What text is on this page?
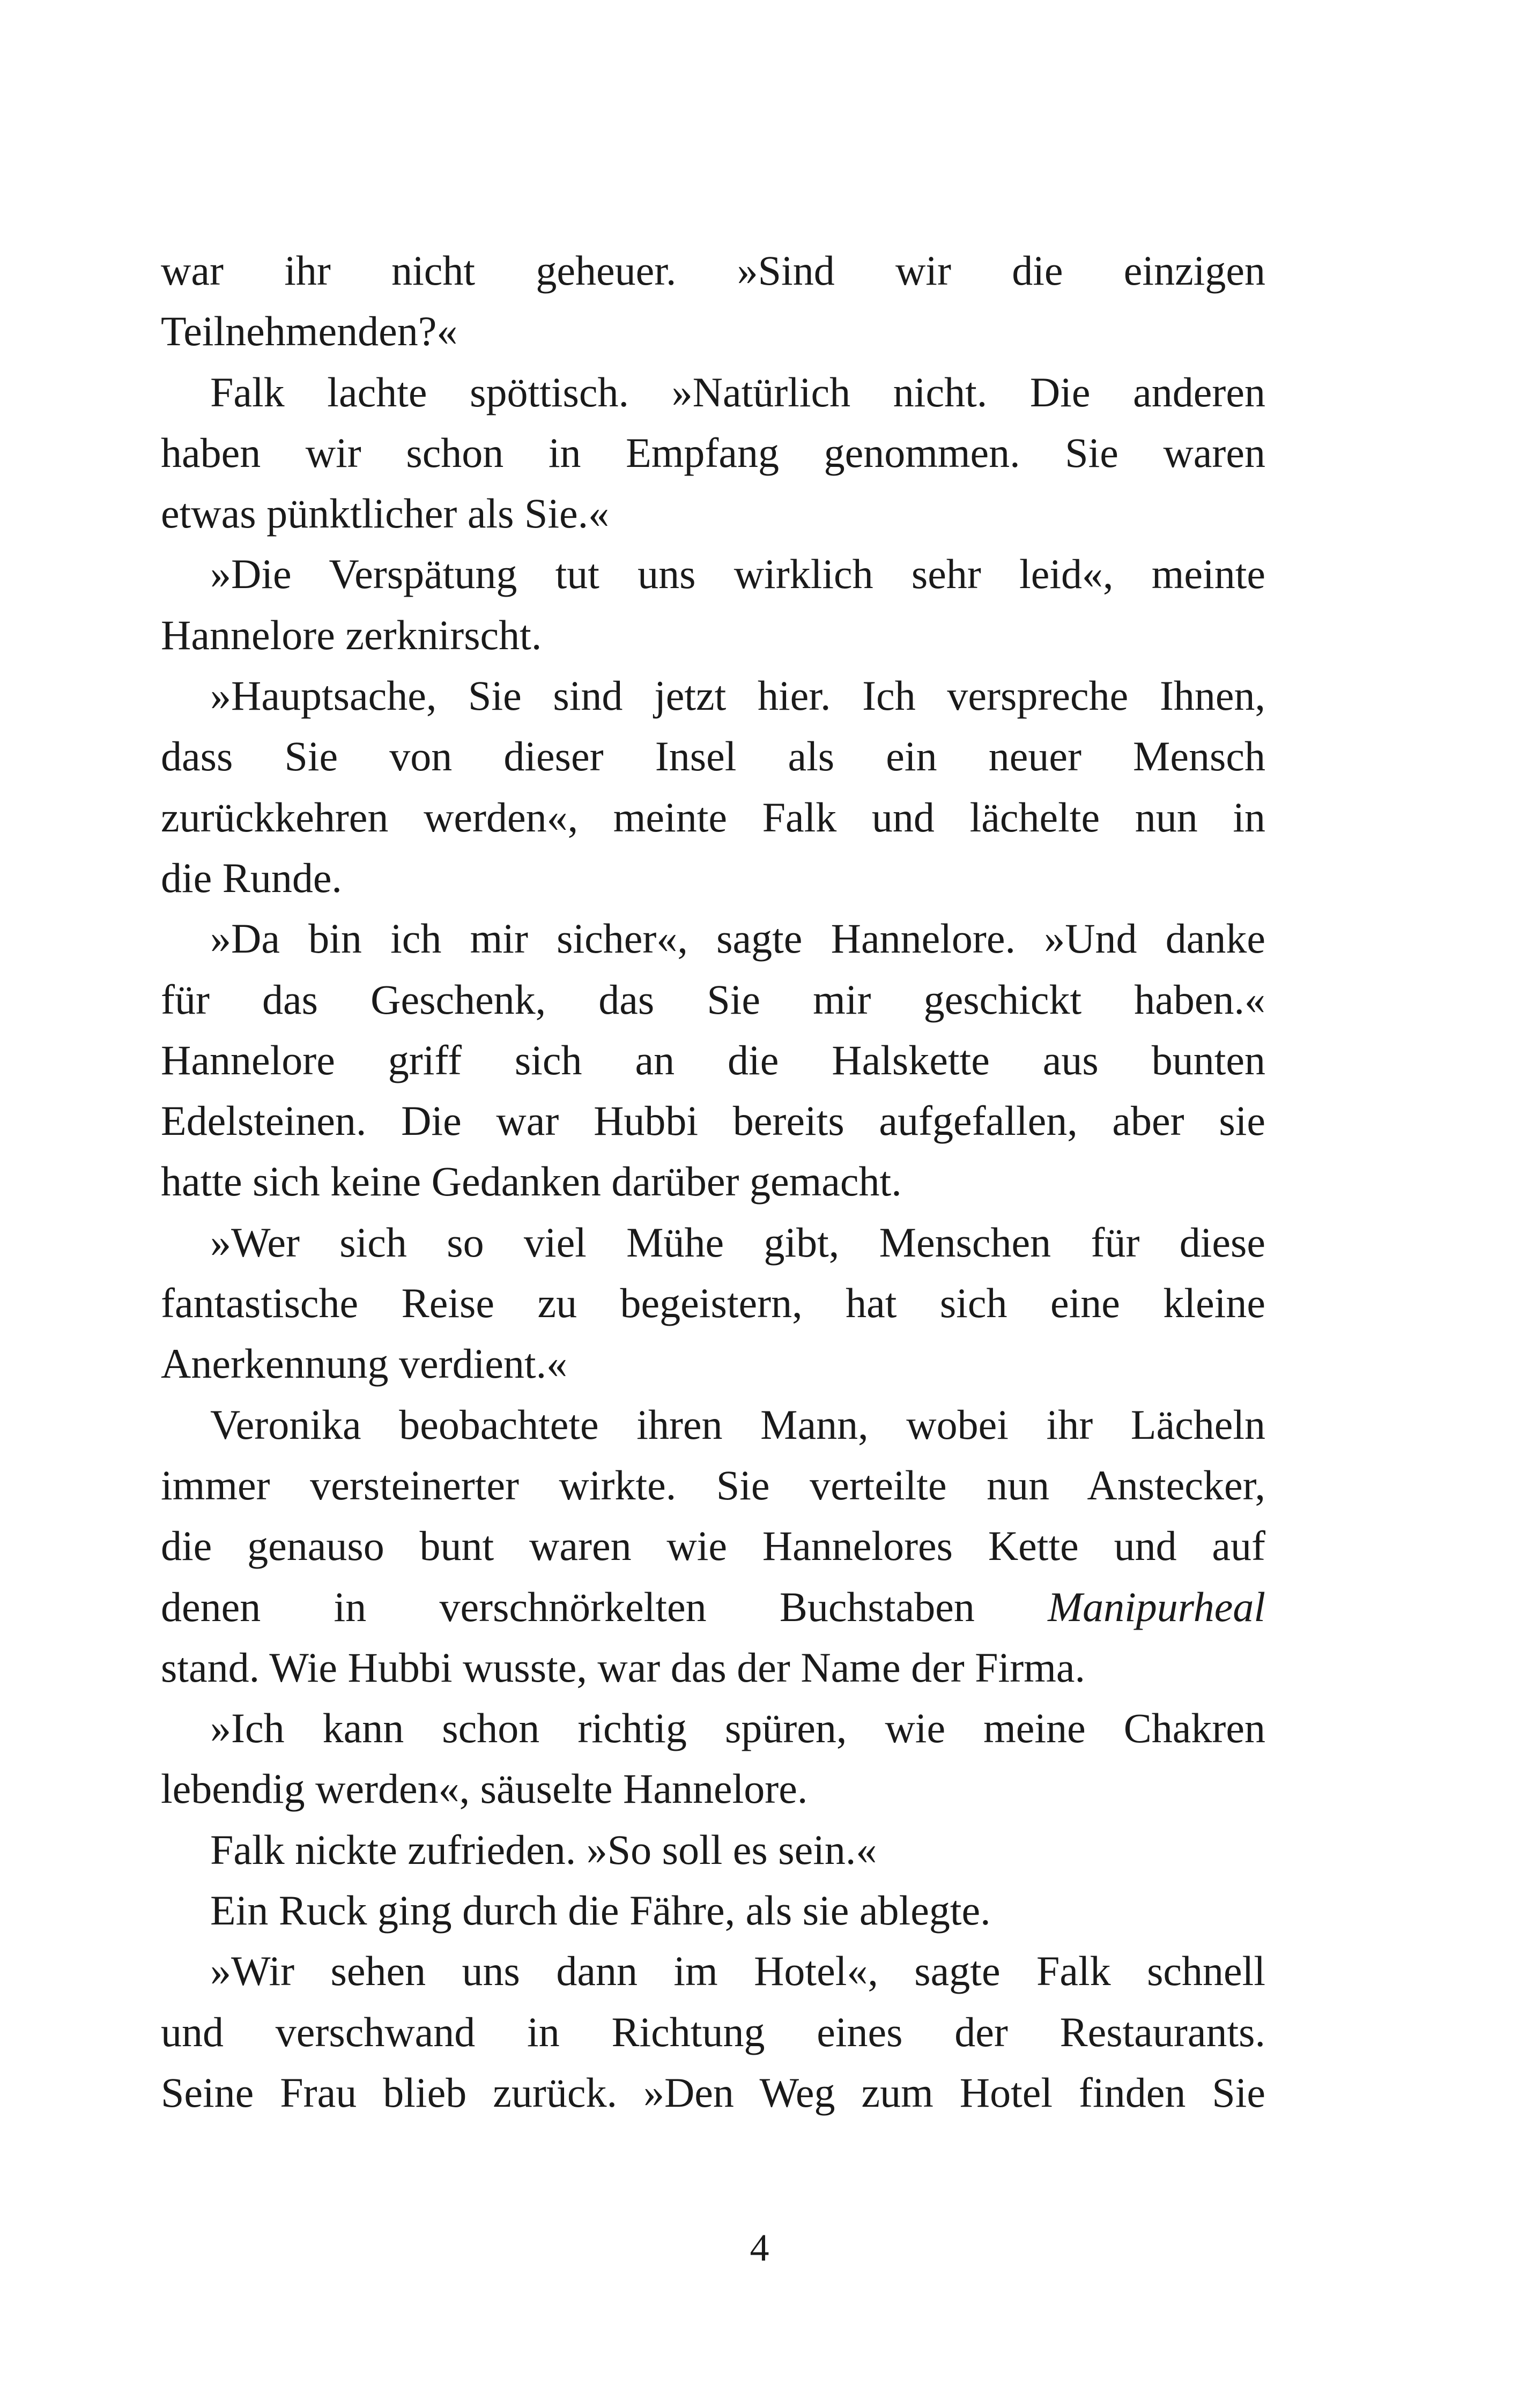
war ihr nicht geheuer. »Sind wir die einzigen
Teilnehmenden?«
Falk lachte spöttisch. »Natürlich nicht. Die anderen
haben wir schon in Empfang genommen. Sie waren
etwas pünktlicher als Sie.«
»Die Verspätung tut uns wirklich sehr leid«, meinte
Hannelore zerknirscht.
»Hauptsache, Sie sind jetzt hier. Ich verspreche Ihnen,
dass Sie von dieser Insel als ein neuer Mensch
zurückkehren werden«, meinte Falk und lächelte nun in
die Runde.
»Da bin ich mir sicher«, sagte Hannelore. »Und danke
für das Geschenk, das Sie mir geschickt haben.«
Hannelore griff sich an die Halskette aus bunten
Edelsteinen. Die war Hubbi bereits aufgefallen, aber sie
hatte sich keine Gedanken darüber gemacht.
»Wer sich so viel Mühe gibt, Menschen für diese
fantastische Reise zu begeistern, hat sich eine kleine
Anerkennung verdient.«
Veronika beobachtete ihren Mann, wobei ihr Lächeln
immer versteinerter wirkte. Sie verteilte nun Anstecker,
die genauso bunt waren wie Hannelores Kette und auf
denen in verschnörkelten Buchstaben Manipurheal
stand. Wie Hubbi wusste, war das der Name der Firma.
»Ich kann schon richtig spüren, wie meine Chakren
lebendig werden«, säuselte Hannelore.
Falk nickte zufrieden. »So soll es sein.«
Ein Ruck ging durch die Fähre, als sie ablegte.
»Wir sehen uns dann im Hotel«, sagte Falk schnell
und verschwand in Richtung eines der Restaurants.
Seine Frau blieb zurück. »Den Weg zum Hotel finden Sie
4
